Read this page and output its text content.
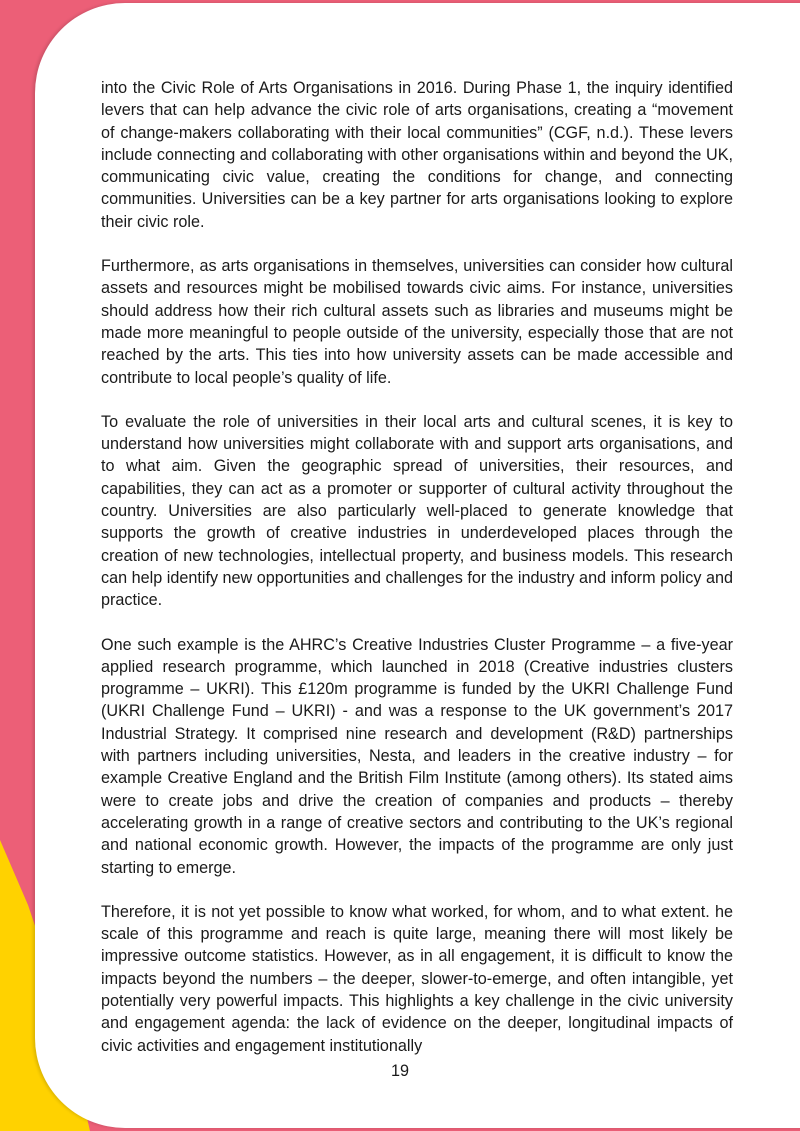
into the Civic Role of Arts Organisations in 2016. During Phase 1, the inquiry identified levers that can help advance the civic role of arts organisations, creating a “movement of change-makers collaborating with their local communities” (CGF, n.d.). These levers include connecting and collaborating with other organisations within and beyond the UK, communicating civic value, creating the conditions for change, and connecting communities. Universities can be a key partner for arts organisations looking to explore their civic role.

Furthermore, as arts organisations in themselves, universities can consider how cultural assets and resources might be mobilised towards civic aims. For instance, universities should address how their rich cultural assets such as libraries and museums might be made more meaningful to people outside of the university, especially those that are not reached by the arts. This ties into how university assets can be made accessible and contribute to local people’s quality of life.

To evaluate the role of universities in their local arts and cultural scenes, it is key to understand how universities might collaborate with and support arts organisations, and to what aim. Given the geographic spread of universities, their resources, and capabilities, they can act as a promoter or supporter of cultural activity throughout the country. Universities are also particularly well-placed to generate knowledge that supports the growth of creative industries in underdeveloped places through the creation of new technologies, intellectual property, and business models. This research can help identify new opportunities and challenges for the industry and inform policy and practice.

One such example is the AHRC’s Creative Industries Cluster Programme – a five-year applied research programme, which launched in 2018 (Creative industries clusters programme – UKRI). This £120m programme is funded by the UKRI Challenge Fund (UKRI Challenge Fund – UKRI) - and was a response to the UK government’s 2017 Industrial Strategy. It comprised nine research and development (R&D) partnerships with partners including universities, Nesta, and leaders in the creative industry – for example Creative England and the British Film Institute (among others). Its stated aims were to create jobs and drive the creation of companies and products – thereby accelerating growth in a range of creative sectors and contributing to the UK’s regional and national economic growth. However, the impacts of the programme are only just starting to emerge.

Therefore, it is not yet possible to know what worked, for whom, and to what extent. he scale of this programme and reach is quite large, meaning there will most likely be impressive outcome statistics. However, as in all engagement, it is difficult to know the impacts beyond the numbers – the deeper, slower-to-emerge, and often intangible, yet potentially very powerful impacts. This highlights a key challenge in the civic university and engagement agenda: the lack of evidence on the deeper, longitudinal impacts of civic activities and engagement institutionally

19
